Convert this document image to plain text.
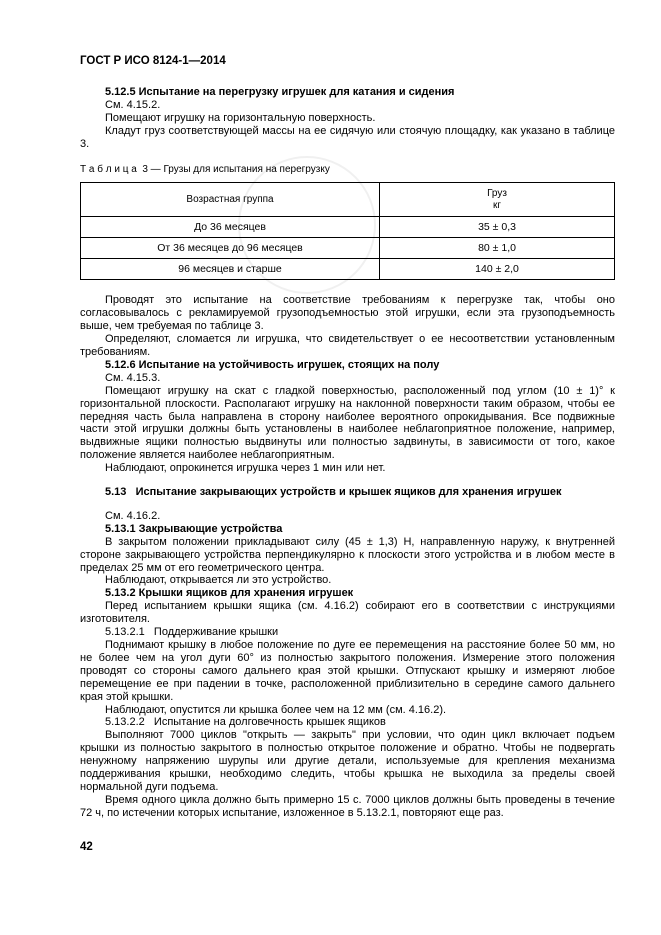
ГОСТ Р ИСО 8124-1—2014

5.12.5 Испытание на перегрузку игрушек для катания и сидения

См. 4.15.2.

Помещают игрушку на горизонтальную поверхность.

Кладут груз соответствующей массы на ее сидячую или стоячую площадку, как указано в таблице 3.

Т а б л и ц а  3 — Грузы для испытания на перегрузку
Возрастная группа	Груз
кг

До 36 месяцев	35 ± 0,3
От 36 месяцев до 96 месяцев	80 ± 1,0
96 месяцев и старше	140 ± 2,0

Проводят это испытание на соответствие требованиям к перегрузке так, чтобы оно согласовывалось с рекламируемой грузоподъемностью этой игрушки, если эта грузоподъемность выше, чем требуемая по таблице 3.

Определяют, сломается ли игрушка, что свидетельствует о ее несоответствии установленным требованиям.

5.12.6 Испытание на устойчивость игрушек, стоящих на полу

См. 4.15.3.

Помещают игрушку на скат с гладкой поверхностью, расположенный под углом (10 ± 1)° к горизонтальной плоскости. Располагают игрушку на наклонной поверхности таким образом, чтобы ее передняя часть была направлена в сторону наиболее вероятного опрокидывания. Все подвижные части этой игрушки должны быть установлены в наиболее неблагоприятное положение, например, выдвижные ящики полностью выдвинуты или полностью задвинуты, в зависимости от того, какое положение является наиболее неблагоприятным.

Наблюдают, опрокинется игрушка через 1 мин или нет.

5.13   Испытание закрывающих устройств и крышек ящиков для хранения игрушек

См. 4.16.2.

5.13.1 Закрывающие устройства

В закрытом положении прикладывают силу (45 ± 1,3) Н, направленную наружу, к внутренней стороне закрывающего устройства перпендикулярно к плоскости этого устройства и в любом месте в пределах 25 мм от его геометрического центра.

Наблюдают, открывается ли это устройство.

5.13.2 Крышки ящиков для хранения игрушек

Перед испытанием крышки ящика (см. 4.16.2) собирают его в соответствии с инструкциями изготовителя.

5.13.2.1   Поддерживание крышки

Поднимают крышку в любое положение по дуге ее перемещения на расстояние более 50 мм, но не более чем на угол дуги 60° из полностью закрытого положения. Измерение этого положения проводят со стороны самого дальнего края этой крышки. Отпускают крышку и измеряют любое перемещение ее при падении в точке, расположенной приблизительно в середине самого дальнего края этой крышки.

Наблюдают, опустится ли крышка более чем на 12 мм (см. 4.16.2).

5.13.2.2   Испытание на долговечность крышек ящиков

Выполняют 7000 циклов "открыть — закрыть" при условии, что один цикл включает подъем крышки из полностью закрытого в полностью открытое положение и обратно. Чтобы не подвергать ненужному напряжению шурупы или другие детали, используемые для крепления механизма поддерживания крышки, необходимо следить, чтобы крышка не выходила за пределы своей нормальной дуги подъема.

Время одного цикла должно быть примерно 15 с. 7000 циклов должны быть проведены в течение 72 ч, по истечении которых испытание, изложенное в 5.13.2.1, повторяют еще раз.

42
